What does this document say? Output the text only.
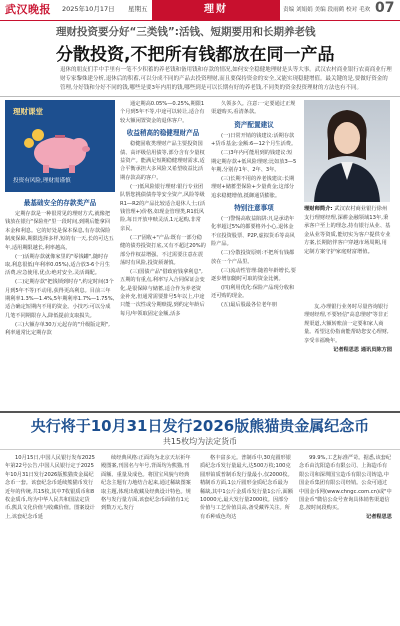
武汉晚报 2025年10月17日 星期五	理财	责编 刘娟娟 美编 段雨鹤 校对 毛欢 07
理财投资要分好“三类钱”:活钱、短期要用和长期养老钱
分散投资,不把所有钱都放在同一产品
退休的朋友们手中手里有一笔不少积蓄的养老钱和备用钱和存款的情况,如何安全稳健地理财是头等大事。武汉农村商业银行农商商业行理财专家黎姝建分析,退休后的积蓄,可以分成不同的产品去投资理财,而且要保持资金的安全,又能实现稳健增值。最关键的是,要做好资金的管理,分好钱和分好不同的钱,哪些是要3年内用的钱,哪些到是可以长期有好的养老钱,不同类的资金投资理财的方法也有不同。
理财课堂
投资有风险,理财需谨慎
最基础安全的存款类产品

定期存款是一种很常见的理财方式,就像把钱放在银行"保险柜"里一段时间,到期后能拿回本金和利息。它的好处是保本保息,有存款保险制度保障,期限选择多样,短的有一天,长的可达五年,适用期限越长,利率越高。

(一)活期存款就像家里的"零钱罐",随时存取,利息很低(年利率0.05%),适合放3-6个月生活费,应急使用,优点:绝对安全,灵活调配。

(二)定期存款"把钱锁到时存",约定时间(3个月到5年不等)不动用,获得更高利息。目前三年期利率1.3%—1.4%,5年期利率1.7%—1.75%,适合确定短期内不用的资金。小技巧:可以分成几笔不同期限存入,降低提前支取损失。

(三)大额存单30万元起存的"升级版定期",利率通常比定期存款

通定期高0.05%—0.25%,期限1个月到5年不等,中途可以转让,适合有较大额闲置资金的退休客户。

收益稍高的稳健理财产品

稳健固收类理财产品主要投资国债、高评级信用债等,部分含有少量权益资产。能满足短期稳健理财需求,适合平衡承担大多风险又希望收益比活期存款高的客户。

(一)低风险银行理财:银行专业团队帮您挑债债券等安全资产,风险等级R1—R2的产品比较适合退休人士;(活钱管理+)价格,如现金管理类,R1低风险,每日开放申赎灵活,1元起购,非常亲民。

(二)"固收+"产品:既有一部分稳健的债券投资打底,又有不超过20%的部分作权益增强。不过需要注意在震荡时有风险,投资须谨慎。

(三)国债产品"借政府钱拿利息",五期的有重点,利率写入合同保证会变化,是很保障与储蓄,适合作为养老资金补充,但通常需要排号5年以上,中途只能一次性或分期赎提,到约定年龄后每月/年领取固定金额,活多

久领多久。注意:一定要通过正规渠道购买,看清条款。

资产配置建议

(一)日常开销的钱建议:活期存款+货币基金;金额:6—12个月生活费。

(二)3年内可能用到的钱建议:短期定期存款+低风险理财;比如放3—5年期,分别存1年、2年、3年。

(三)长期不用的养老钱建议:长期理财+储蓄型保险+少量黄金;这部分追求稳健增值,抵御通货膨胀。

特别注意事项

(一)警惕高收益陷阱:凡是承诺年化率超过5%的都要格外小心,退休金不宜投资股票、P2P,虚拟货币等高风险产品。

(二)分散投资原则:不把所有钱都放在一个产品里。

(三)流动性管理:随着年龄增长,要逐步增加随时可取的资金比例。

(四)利用优化:保险产品现分收和还可购的现金。

(五)最后股最各位老年朋

理财师简介: 武汉农村商业银行徐州支行理财经理,深耕金融领域13年,秉承客户至上的理念,持有银行从业、基金从业等资质,能切实为客户提供专业方案,长期陪伴客户穿越市场周期,用定制方案守护家庭财富增值。

友,办理银行业务时尽量咨询银行理财经理,不要轻信"高息理财"等非正规渠道,大额转账前一定要和家人商量。希望这份指南能帮助您安心理财,享受幸福晚年。

记者程思思 通讯员陈方园

央行将于10月31日发行2026版熊猫贵金属纪念币
共15枚均为法定货币

10月15日,中国人民银行发布2025年第22号公告,中国人民银行定于2025年10月31日发行2026版熊猫贵金属纪念币一套。该套纪念币延续熊猫币发行近年的传统,共15枚,其中7枚银质币和8枚金质币,均为中华人民共和国法定货币,熊具文化价值与收藏价值。图案设计上,该套纪念币延

续经典风格:正面均为北京天坛祈年殿图案,刊国名与年号,背面均为熊猫,刊面额、重量及成色。将国宝风貌与经典纪念主题有力地结合起来,通过稀缺图案取主题,体现出收藏及经典设计特色。规格与发行量方面,该套纪念币面值有1元到数万元,发行

格丰富多元。普制币中,30克圆形银质纪念币发行量最大,达500万枚;100克圆形铂质普制币发行量最小,仅2000枚。精制币方面,1公斤圆形金质纪念币最为稀缺,其中1公斤金质币发行量1公斤,面额10000元,最大发行量2000枚。因部分价值与工艺价值具高,备受藏界关注。所有币种成色均达

99.9%,工艺标准严苛。据悉,该套纪念币由沈阳造币有限公司、上海造币有限公司和深圳国宝造币有限公司铸造,中国金币集团有限公司经销。公众可通过中国金币网(www.chngc.com.cn)或"中国金币"微信公众号查询具体销售渠道信息,按时间段购买。

记者程思思
